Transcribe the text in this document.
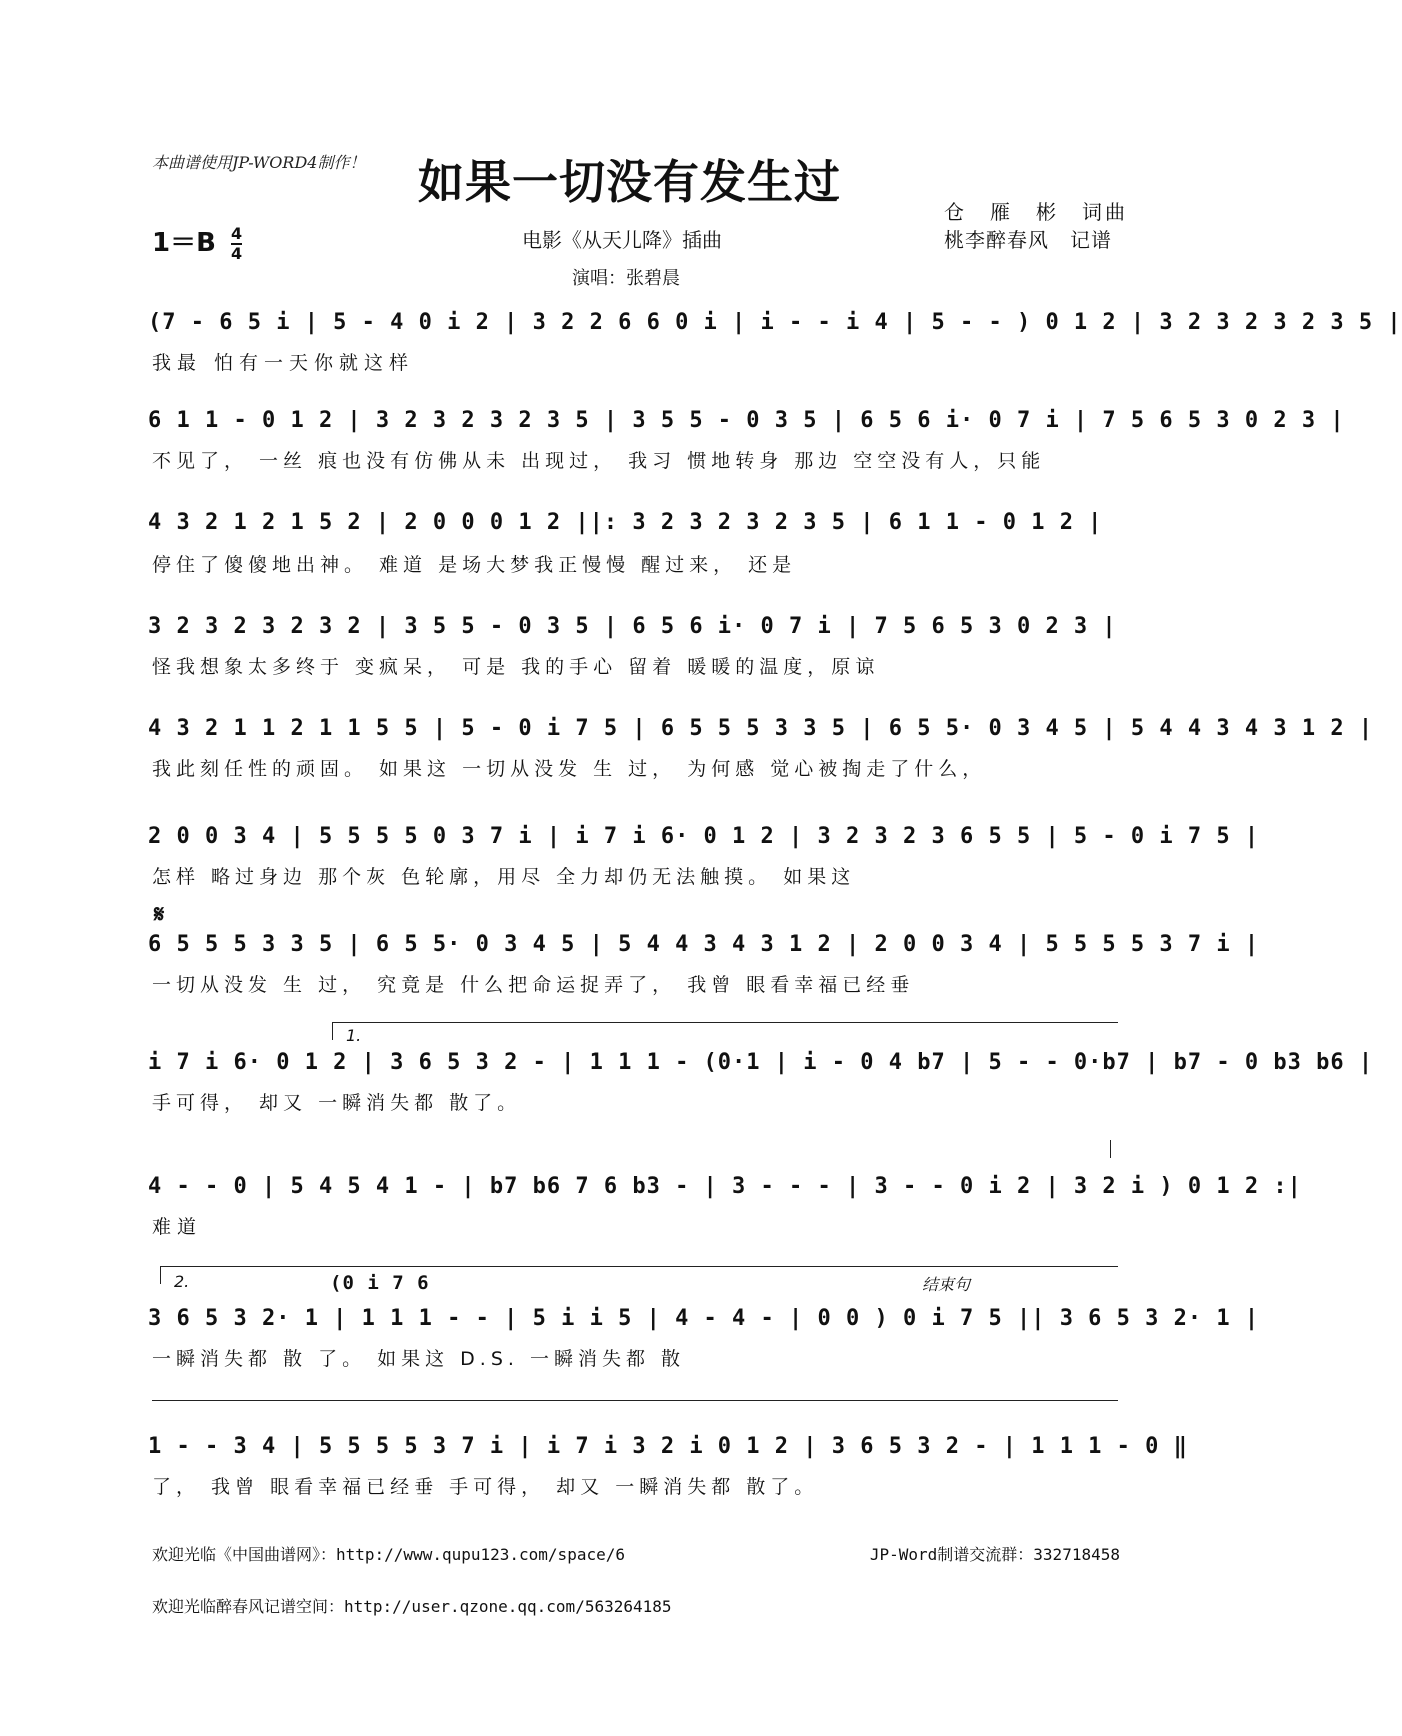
本曲谱使用JP-WORD4制作！ 如果一切没有发生过
$1=B \frac{4}{4}$	电影《从天儿降》插曲
演唱：张碧晨
仓　雁　彬　词曲
桃李醉春风　记谱
(7 - 6 5 i | 5 - 4 0 i 2 | 3 2 2 6 6 0 i | i - - i 4 | 5 - - ) 0 1 2 | 3 2 3 2 3 2 3 5 |
我最 怕有一天你就这样
6 1 1 - 0 1 2 | 3 2 3 2 3 2 3 5 | 3 5 5 - 0 3 5 | 6 5 6 i· 0 7 i | 7 5 6 5 3 0 2 3 |
不见了， 一丝 痕也没有仿佛从未 出现过， 我习 惯地转身 那边 空空没有人，只能
4 3 2 1 2 1 5 2 | 2 0 0 0 1 2 ||: 3 2 3 2 3 2 3 5 | 6 1 1 - 0 1 2 |
停住了傻傻地出神。 难道 是场大梦我正慢慢 醒过来， 还是
3 2 3 2 3 2 3 2 | 3 5 5 - 0 3 5 | 6 5 6 i· 0 7 i | 7 5 6 5 3 0 2 3 |
怪我想象太多终于 变疯呆， 可是 我的手心 留着 暖暖的温度，原谅
4 3 2 1 1 2 1 1 5 5 | 5 - 0 i 7 5 | 6 5 5 5 3 3 5 | 6 5 5· 0 3 4 5 | 5 4 4 3 4 3 1 2 |
我此刻任性的顽固。 如果这 一切从没发 生 过， 为何感 觉心被掏走了什么，
2 0 0 3 4 | 5 5 5 5 0 3 7 i | i 7 i 6· 0 1 2 | 3 2 3 2 3 6 5 5 | 5 - 0 i 7 5 |
怎样 略过身边 那个灰 色轮廓，用尽 全力却仍无法触摸。 如果这
𝄋
6 5 5 5 3 3 5 | 6 5 5· 0 3 4 5 | 5 4 4 3 4 3 1 2 | 2 0 0 3 4 | 5 5 5 5 3 7 i |
一切从没发 生 过， 究竟是 什么把命运捉弄了， 我曾 眼看幸福已经垂
1.
i 7 i 6· 0 1 2 | 3 6 5 3 2 - | 1 1 1 - (0·1 | i - 0 4 b7 | 5 - - 0·b7 | b7 - 0 b3 b6 |
手可得， 却又 一瞬消失都 散了。
4 - - 0 | 5 4 5 4 1 - | b7 b6 7 6 b3 - | 3 - - - | 3 - - 0 i 2 | 3 2 i ) 0 1 2 :|
难道
2.	结束句
(0 i 7 6
3 6 5 3 2· 1 | 1 1 1 - - | 5 i i 5 | 4 - 4 - | 0 0 ) 0 i 7 5 || 3 6 5 3 2· 1 |
一瞬消失都 散 了。 如果这 D.S. 一瞬消失都 散
1 - - 3 4 | 5 5 5 5 3 7 i | i 7 i 3 2 i 0 1 2 | 3 6 5 3 2 - | 1 1 1 - 0 ‖
了， 我曾 眼看幸福已经垂 手可得， 却又 一瞬消失都 散了。
欢迎光临《中国曲谱网》：http://www.qupu123.com/space/6	JP-Word制谱交流群：332718458
欢迎光临醉春风记谱空间：http://user.qzone.qq.com/563264185
